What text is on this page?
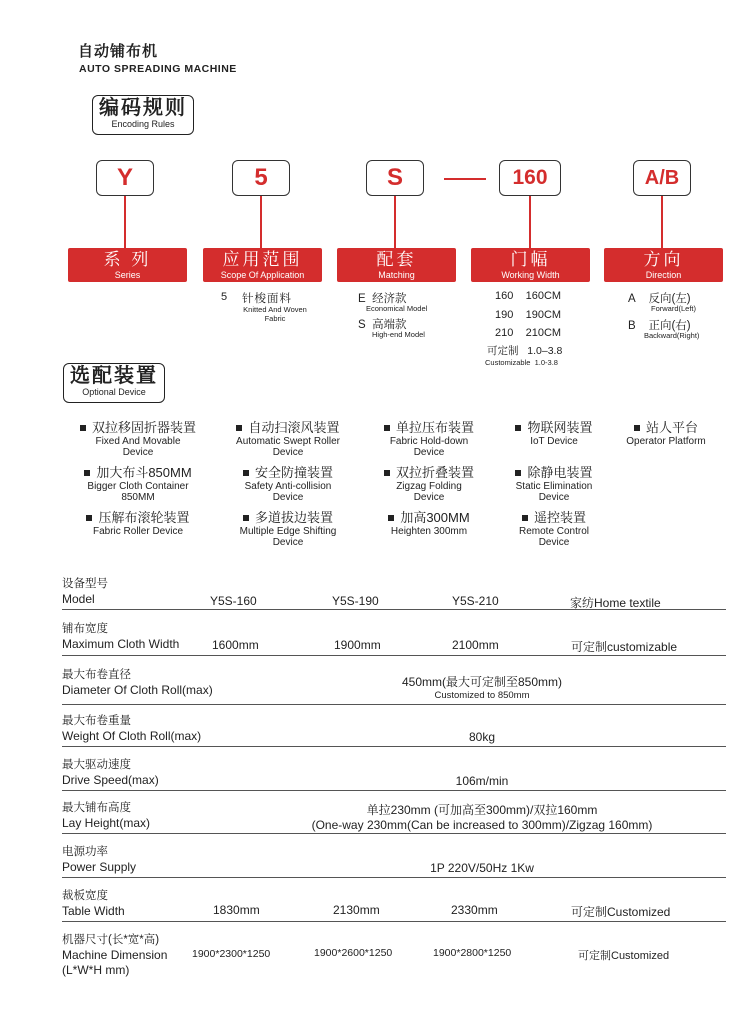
自动铺布机
AUTO SPREADING MACHINE
编码规则
Encoding Rules
Y	5	S	160	A/B
系 列
Series
应用范围
Scope Of Application
配套
Matching
门幅
Working Width
方向
Direction
5 针梭面料
Knitted And Woven
Fabric
E 经济款
Economical Model
S 高端款
High-end Model
160 160CM
190 190CM
210 210CM
可定制 1.0–3.8
Customizable 1.0-3.8
A 反向(左)
Forward(Left)
B 正向(右)
Backward(Right)
选配装置
Optional Device
双拉移固折器装置
Fixed And Movable
Device
自动扫滚风装置
Automatic Swept Roller
Device
单拉压布装置
Fabric Hold-down
Device
物联网装置
IoT Device
站人平台
Operator Platform
加大布斗850MM
Bigger Cloth Container
850MM
安全防撞装置
Safety Anti-collision
Device
双拉折叠装置
Zigzag Folding
Device
除静电装置
Static Elimination
Device
压解布滚轮装置
Fabric Roller Device
多道拔边装置
Multiple Edge Shifting
Device
加高300MM
Heighten 300mm
遥控装置
Remote Control
Device
设备型号
Model	Y5S-160	Y5S-190	Y5S-210	家纺Home textile
铺布宽度
Maximum Cloth Width	1600mm	1900mm	2100mm	可定制customizable
最大布卷直径
Diameter Of Cloth Roll(max)
450mm(最大可定制至850mm)
Customized to 850mm
最大布卷重量
Weight Of Cloth Roll(max)	80kg
最大驱动速度
Drive Speed(max)	106m/min
最大铺布高度
Lay Height(max)
单拉230mm (可加高至300mm)/双拉160mm
(One-way 230mm(Can be increased to 300mm)/Zigzag 160mm)
电源功率
Power Supply	1P 220V/50Hz 1Kw
裁板宽度
Table Width	1830mm	2130mm	2330mm	可定制Customized
机器尺寸(长*宽*高)
Machine Dimension
(L*W*H mm)
1900*2300*1250	1900*2600*1250	1900*2800*1250	可定制Customized
